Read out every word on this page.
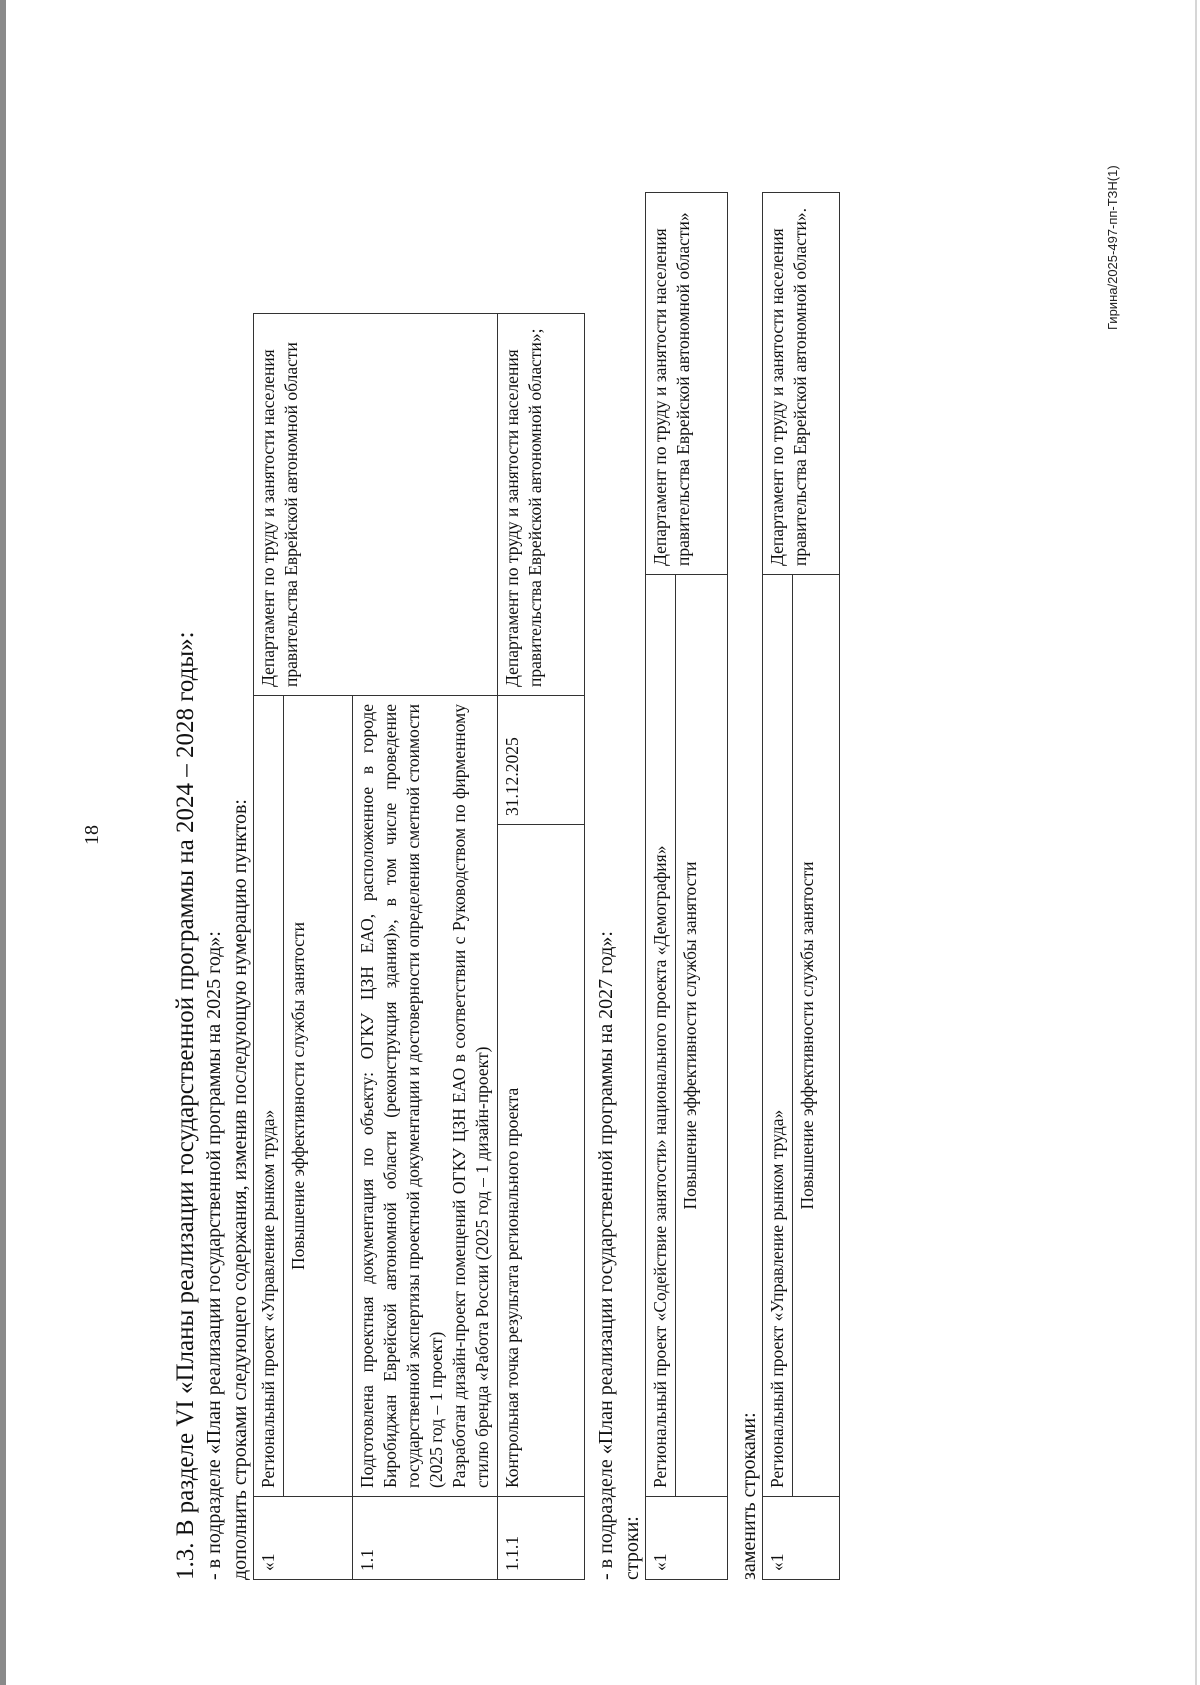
18
Гирина/2025-497-пп-ТЗН(1)

1.3. В разделе VI «Планы реализации государственной программы на 2024 – 2028 годы»: - в подразделе «План реализации государственной программы на 2025 год»: дополнить строками следующего содержания, изменив последующую нумерацию пунктов: «1	Региональный проект «Управление рынком труда»		Департамент по труду и занятости населения правительства Еврейской автономной области
	Повышение эффективности службы занятости		
1.1	Подготовлена проектная документация по объекту: ОГКУ ЦЗН ЕАО, расположенное в городе Биробиджан Еврейской автономной области (реконструкция здания)», в том числе проведение государственной экспертизы проектной документации и достоверности определения сметной стоимости (2025 год – 1 проект) Разработан дизайн-проект помещений ОГКУ ЦЗН ЕАО в соответствии с Руководством по фирменному стилю бренда «Работа России (2025 год – 1 дизайн-проект)		

1.1.1	Контрольная точка результата регионального проекта	31.12.2025	Департамент по труду и занятости населения правительства Еврейской автономной области»;

- в подразделе «План реализации государственной программы на 2027 год»: строки: «1	Региональный проект «Содействие занятости» национального проекта «Демография»	Департамент по труду и занятости населения правительства Еврейской автономной области»
Повышение эффективности службы занятости

заменить строками: «1	Региональный проект «Управление рынком труда»	Департамент по труду и занятости населения правительства Еврейской автономной области».
Повышение эффективности службы занятости
